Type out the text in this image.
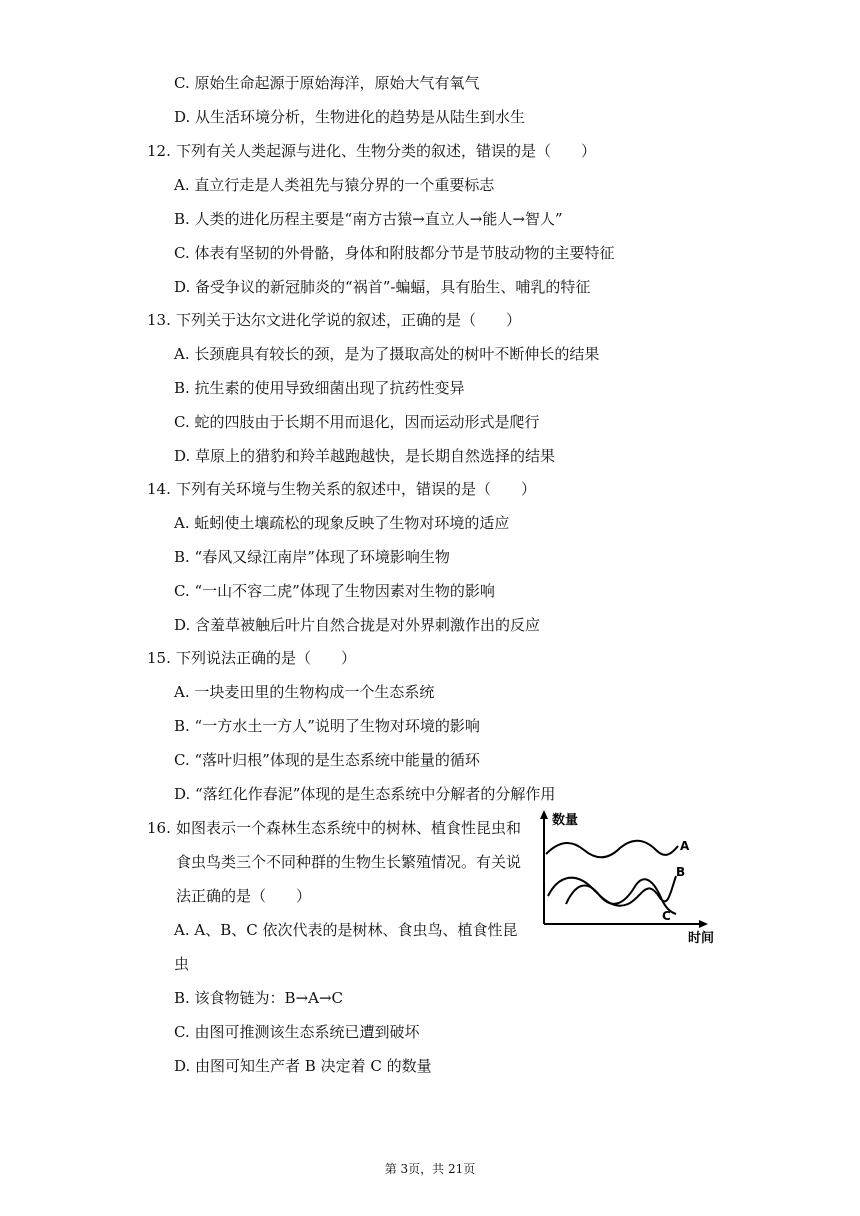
C. 原始生命起源于原始海洋，原始大气有氧气
D. 从生活环境分析，生物进化的趋势是从陆生到水生
12. 下列有关人类起源与进化、生物分类的叙述，错误的是（　　）
A. 直立行走是人类祖先与猿分界的一个重要标志
B. 人类的进化历程主要是“南方古猿→直立人→能人→智人”
C. 体表有坚韧的外骨骼，身体和附肢都分节是节肢动物的主要特征
D. 备受争议的新冠肺炎的“祸首”-蝙蝠，具有胎生、哺乳的特征
13. 下列关于达尔文进化学说的叙述，正确的是（　　）
A. 长颈鹿具有较长的颈，是为了摄取高处的树叶不断伸长的结果
B. 抗生素的使用导致细菌出现了抗药性变异
C. 蛇的四肢由于长期不用而退化，因而运动形式是爬行
D. 草原上的猎豹和羚羊越跑越快，是长期自然选择的结果
14. 下列有关环境与生物关系的叙述中，错误的是（　　）
A. 蚯蚓使土壤疏松的现象反映了生物对环境的适应
B. “春风又绿江南岸”体现了环境影响生物
C. “一山不容二虎”体现了生物因素对生物的影响
D. 含羞草被触后叶片自然合拢是对外界刺激作出的反应
15. 下列说法正确的是（　　）
A. 一块麦田里的生物构成一个生态系统
B. “一方水土一方人”说明了生物对环境的影响
C. “落叶归根”体现的是生态系统中能量的循环
D. “落红化作春泥”体现的是生态系统中分解者的分解作用
16. 如图表示一个森林生态系统中的树林、植食性昆虫和
食虫鸟类三个不同种群的生物生长繁殖情况。有关说
法正确的是（　　）
A. A、B、C 依次代表的是树林、食虫鸟、植食性昆
虫
B. 该食物链为：B→A→C
C. 由图可推测该生态系统已遭到破坏
D. 由图可知生产者 B 决定着 C 的数量
数量
时间
A
B
C
第 3页，共 21页
